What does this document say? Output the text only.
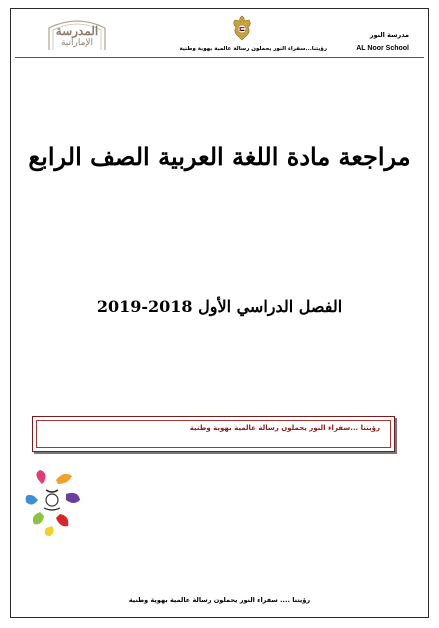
المدرسة
الإماراتية
رؤيتنا...سفراء النور يحملون رسالة عالمية بهوية وطنية
مدرسة النور
AL Noor School
مراجعة مادة اللغة العربية الصف الرابع
الفصل الدراسي الأول 2018-2019
رؤيتنا ...سفراء النور يحملون رسالة عالمية بهوية وطنية
رؤيتنا .... سفراء النور يحملون رسالة عالمية بهوية وطنية
